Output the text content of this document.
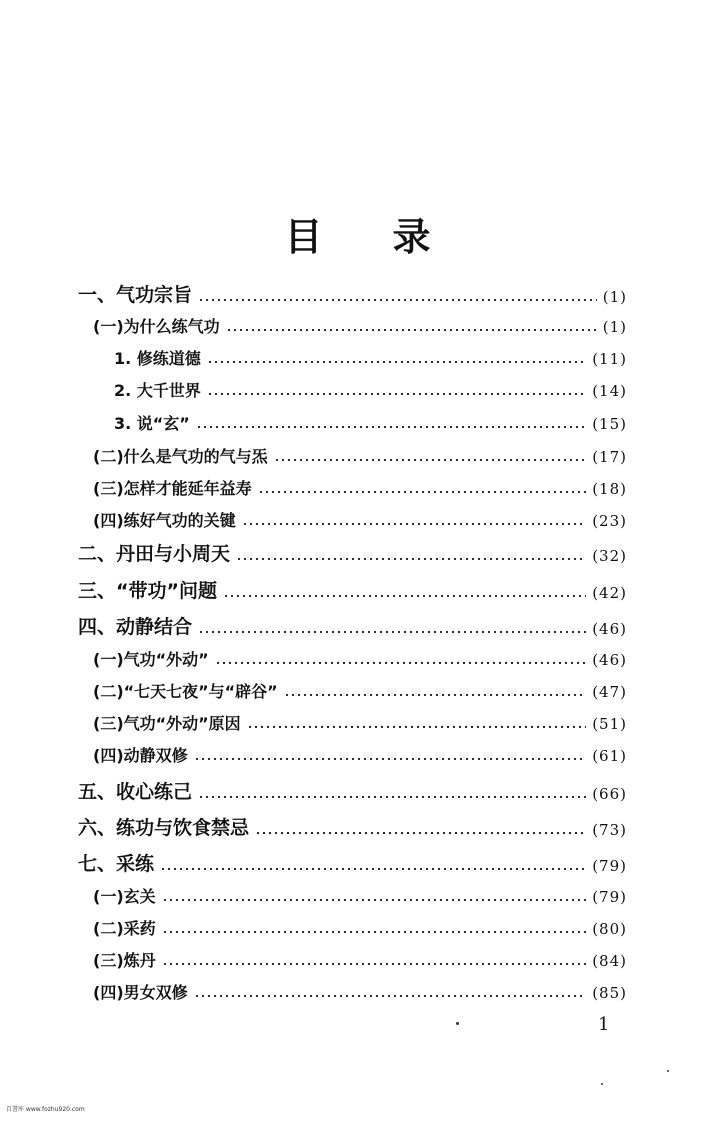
目录
一、气功宗旨	(1)
(一)为什么练气功	(1)
1. 修练道德	(11)
2. 大千世界	(14)
3. 说“玄”	(15)
(二)什么是气功的气与炁	(17)
(三)怎样才能延年益寿	(18)
(四)练好气功的关键	(23)
二、丹田与小周天	(32)
三、“带功”问题	(42)
四、动静结合	(46)
(一)气功“外动”	(46)
(二)“七天七夜”与“辟谷”	(47)
(三)气功“外动”原因	(51)
(四)动静双修	(61)
五、收心练己	(66)
六、练功与饮食禁忌	(73)
七、采练	(79)
(一)玄关	(79)
(二)采药	(80)
(三)炼丹	(84)
(四)男女双修	(85)
1
百書库 www.fozhu920.com
